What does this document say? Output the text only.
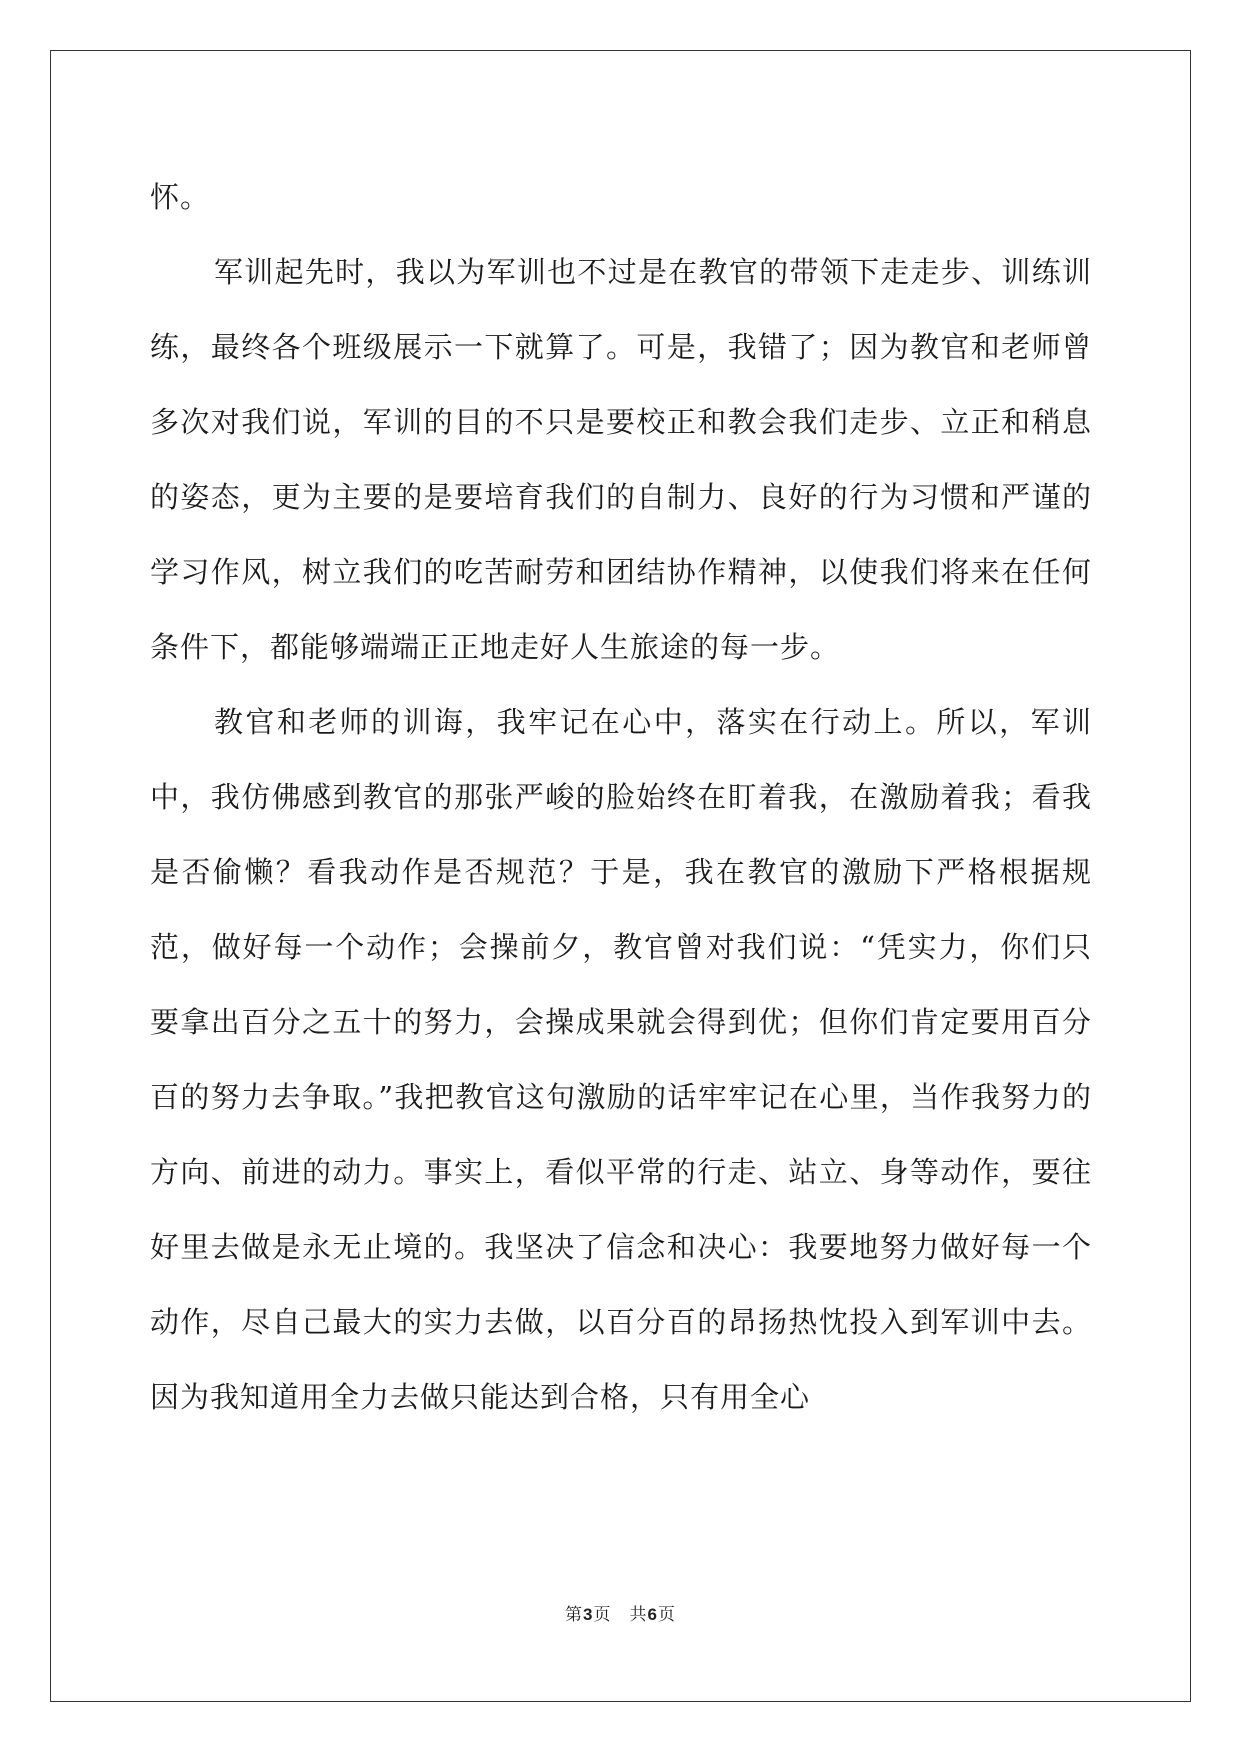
怀。

军训起先时，我以为军训也不过是在教官的带领下走走步、训练训练，最终各个班级展示一下就算了。可是，我错了；因为教官和老师曾多次对我们说，军训的目的不只是要校正和教会我们走步、立正和稍息的姿态，更为主要的是要培育我们的自制力、良好的行为习惯和严谨的学习作风，树立我们的吃苦耐劳和团结协作精神，以使我们将来在任何条件下，都能够端端正正地走好人生旅途的每一步。

教官和老师的训诲，我牢记在心中，落实在行动上。所以，军训中，我仿佛感到教官的那张严峻的脸始终在盯着我，在激励着我；看我是否偷懒？看我动作是否规范？于是，我在教官的激励下严格根据规范，做好每一个动作；会操前夕，教官曾对我们说：“凭实力，你们只要拿出百分之五十的努力，会操成果就会得到优；但你们肯定要用百分百的努力去争取。”我把教官这句激励的话牢牢记在心里，当作我努力的方向、前进的动力。事实上，看似平常的行走、站立、身等动作，要往好里去做是永无止境的。我坚决了信念和决心：我要地努力做好每一个动作，尽自己最大的实力去做，以百分百的昂扬热忱投入到军训中去。因为我知道用全力去做只能达到合格，只有用全心

第3页　共6页
